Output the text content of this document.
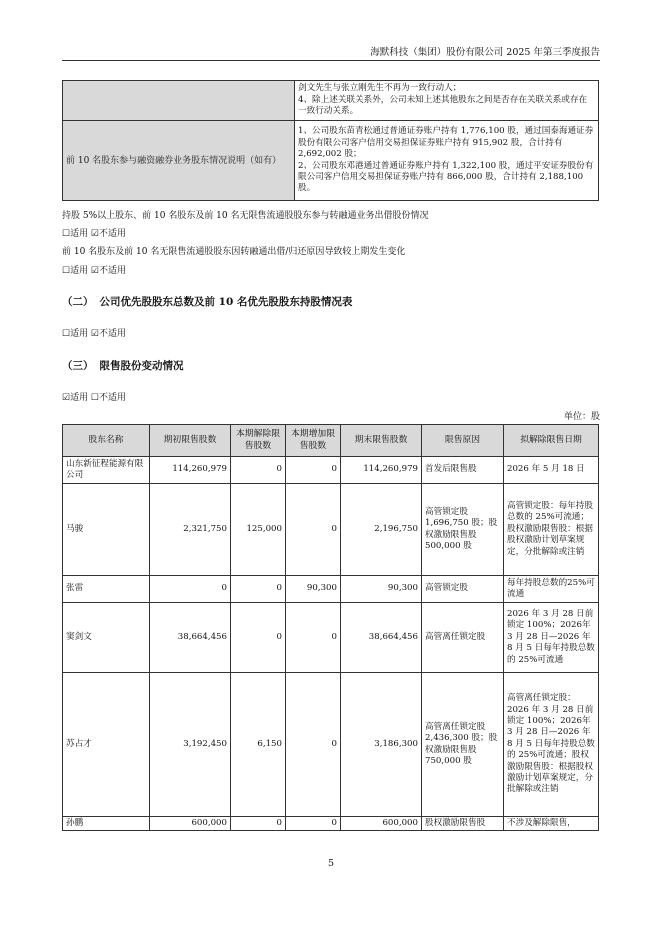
海默科技（集团）股份有限公司 2025 年第三季度报告

	剑文先生与张立刚先生不再为一致行动人；
4、除上述关联关系外，公司未知上述其他股东之间是否存在关联关系或存在一致行动关系。

前 10 名股东参与融资融券业务股东情况说明（如有）	1、公司股东苗青松通过普通证券账户持有 1,776,100 股，通过国泰海通证券股份有限公司客户信用交易担保证券账户持有 915,902 股，合计持有 2,692,002 股；
2、公司股东邓港通过普通证券账户持有 1,322,100 股，通过平安证券股份有限公司客户信用交易担保证券账户持有 866,000 股，合计持有 2,188,100 股。
持股 5%以上股东、前 10 名股东及前 10 名无限售流通股股东参与转融通业务出借股份情况
☐适用 ☑不适用
前 10 名股东及前 10 名无限售流通股股东因转融通出借/归还原因导致较上期发生变化
☐适用 ☑不适用
（二） 公司优先股股东总数及前 10 名优先股股东持股情况表
☐适用 ☑不适用
（三） 限售股份变动情况
☑适用 ☐不适用
单位：股
股东名称	期初限售股数	本期解除限售股数	本期增加限售股数	期末限售股数	限售原因	拟解除限售日期
山东新征程能源有限公司	114,260,979	0	0	114,260,979	首发后限售股	2026 年 5 月 18 日
马骏	2,321,750	125,000	0	2,196,750	高管锁定股1,696,750 股；股权激励限售股500,000 股	高管锁定股：每年持股总数的 25%可流通；股权激励限售股：根据股权激励计划草案规定，分批解除或注销
张雷	0	0	90,300	90,300	高管锁定股	每年持股总数的25%可流通
窦剑文	38,664,456	0	0	38,664,456	高管离任锁定股	2026 年 3 月 28 日前锁定 100%；2026年 3 月 28 日—2026 年 8 月 5 日每年持股总数的 25%可流通
苏占才	3,192,450	6,150	0	3,186,300	高管离任锁定股2,436,300 股；股权激励限售股750,000 股	高管离任锁定股：2026 年 3 月 28 日前锁定 100%；2026年 3 月 28 日—2026 年 8 月 5 日每年持股总数的 25%可流通；股权激励限售股：根据股权激励计划草案规定，分批解除或注销
孙鹏	600,000	0	0	600,000	股权激励限售股	不涉及解除限售，
5
